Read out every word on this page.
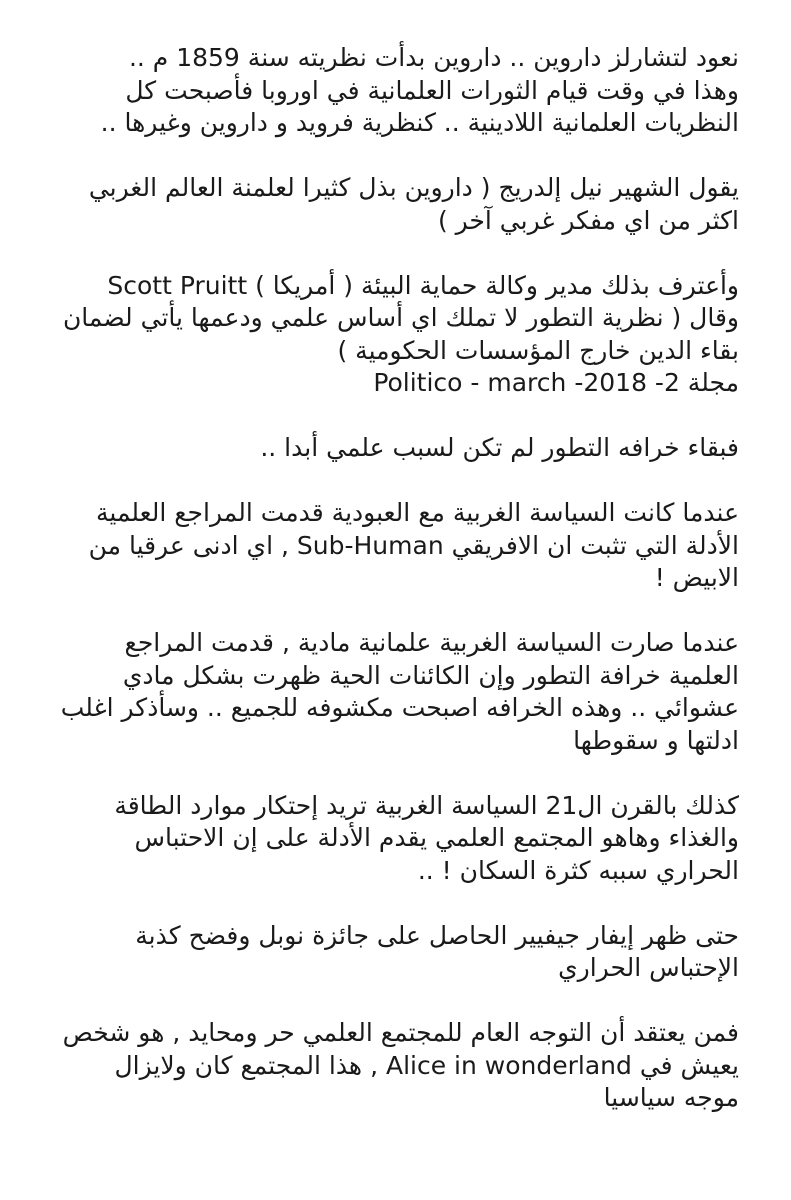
نعود لتشارلز داروين .. داروين بدأت نظريته سنة 1859 م ..
وهذا في وقت قيام الثورات العلمانية في اوروبا فأصبحت كل
النظريات العلمانية اللادينية .. كنظرية فرويد و داروين وغيرها ..
يقول الشهير نيل إلدريج ( داروين بذل كثيرا لعلمنة العالم الغربي
اكثر من اي مفكر غربي آخر )
وأعترف بذلك مدير وكالة حماية البيئة ( أمريكا ) Scott Pruitt
وقال ( نظرية التطور لا تملك اي أساس علمي ودعمها يأتي لضمان
بقاء الدين خارج المؤسسات الحكومية )
مجلة Politico - march -2018 -2
فبقاء خرافه التطور لم تكن لسبب علمي أبدا ..
عندما كانت السياسة الغربية مع العبودية قدمت المراجع العلمية
الأدلة التي تثبت ان الافريقي Sub-Human , اي ادنى عرقيا من
الابيض !
عندما صارت السياسة الغربية علمانية مادية , قدمت المراجع
العلمية خرافة التطور وإن الكائنات الحية ظهرت بشكل مادي
عشوائي .. وهذه الخرافه اصبحت مكشوفه للجميع .. وسأذكر اغلب
ادلتها و سقوطها
كذلك بالقرن ال21 السياسة الغربية تريد إحتكار موارد الطاقة
والغذاء وهاهو المجتمع العلمي يقدم الأدلة على إن الاحتباس
الحراري سببه كثرة السكان ! ..
حتى ظهر إيفار جيفيير الحاصل على جائزة نوبل وفضح كذبة
الإحتباس الحراري
فمن يعتقد أن التوجه العام للمجتمع العلمي حر ومحايد , هو شخص
يعيش في Alice in wonderland , هذا المجتمع كان ولايزال
موجه سياسيا
